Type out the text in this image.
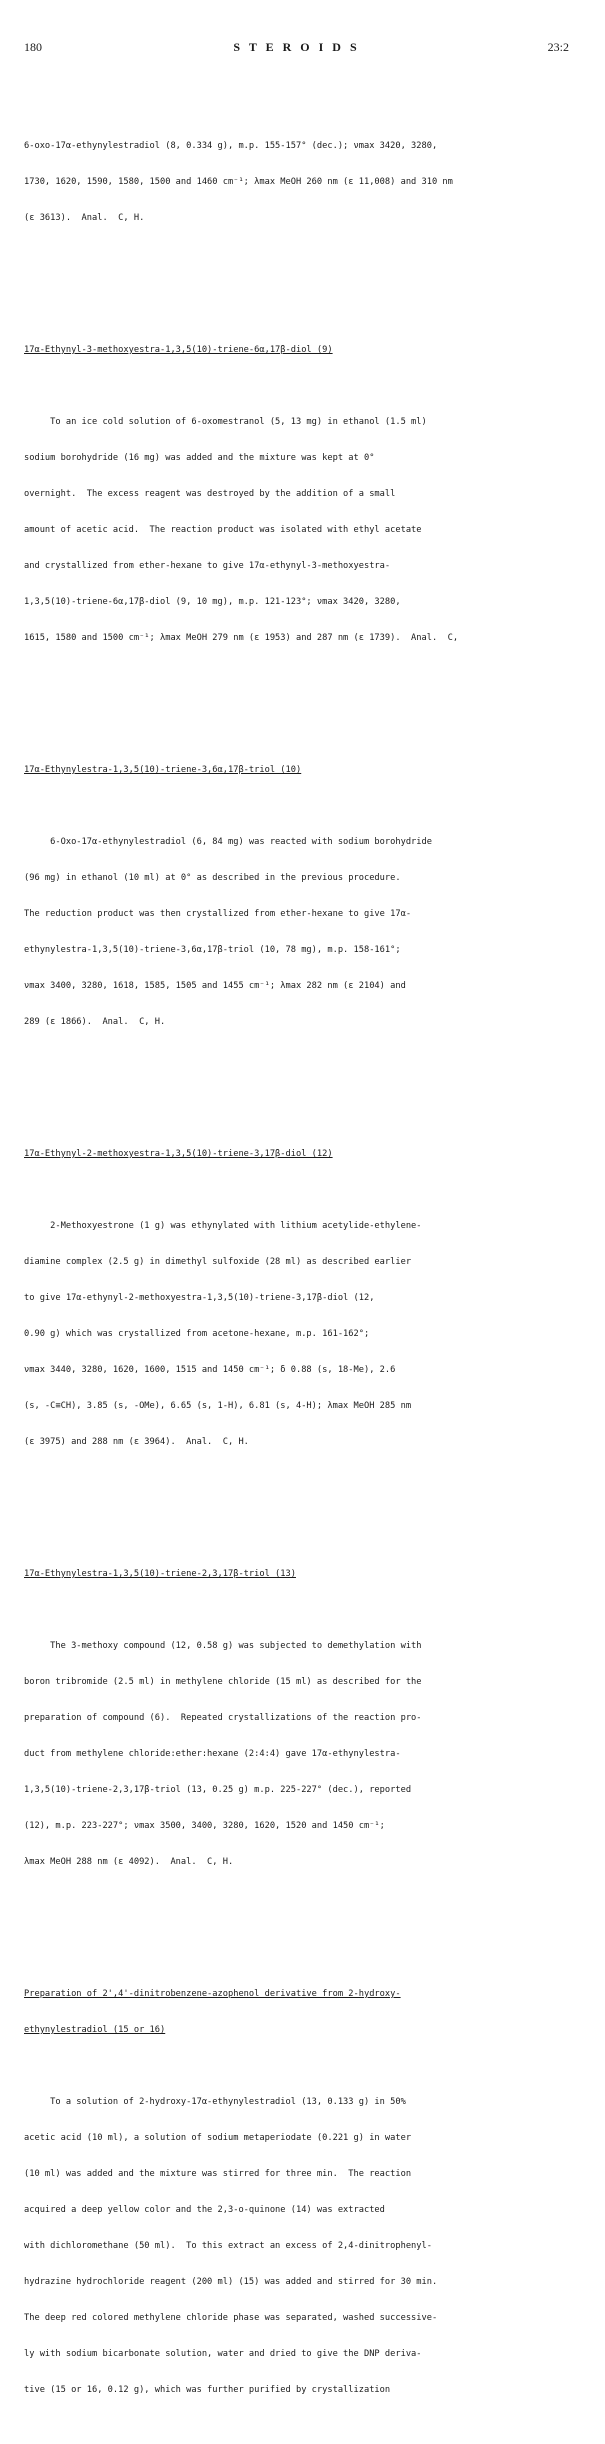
180	S T E R O I D S	23:2

6-oxo-17α-ethynylestradiol (8, 0.334 g), m.p. 155-157° (dec.); νmax 3420, 3280,

1730, 1620, 1590, 1580, 1500 and 1460 cm⁻¹; λmax MeOH 260 nm (ε 11,008) and 310 nm

(ε 3613).  Anal.  C, H.

17α-Ethynyl-3-methoxyestra-1,3,5(10)-triene-6α,17β-diol (9)

To an ice cold solution of 6-oxomestranol (5, 13 mg) in ethanol (1.5 ml)

sodium borohydride (16 mg) was added and the mixture was kept at 0°

overnight.  The excess reagent was destroyed by the addition of a small

amount of acetic acid.  The reaction product was isolated with ethyl acetate

and crystallized from ether-hexane to give 17α-ethynyl-3-methoxyestra-

1,3,5(10)-triene-6α,17β-diol (9, 10 mg), m.p. 121-123°; νmax 3420, 3280,

1615, 1580 and 1500 cm⁻¹; λmax MeOH 279 nm (ε 1953) and 287 nm (ε 1739).  Anal.  C,

17α-Ethynylestra-1,3,5(10)-triene-3,6α,17β-triol (10)

6-Oxo-17α-ethynylestradiol (6, 84 mg) was reacted with sodium borohydride

(96 mg) in ethanol (10 ml) at 0° as described in the previous procedure.

The reduction product was then crystallized from ether-hexane to give 17α-

ethynylestra-1,3,5(10)-triene-3,6α,17β-triol (10, 78 mg), m.p. 158-161°;

νmax 3400, 3280, 1618, 1585, 1505 and 1455 cm⁻¹; λmax 282 nm (ε 2104) and

289 (ε 1866).  Anal.  C, H.

17α-Ethynyl-2-methoxyestra-1,3,5(10)-triene-3,17β-diol (12)

2-Methoxyestrone (1 g) was ethynylated with lithium acetylide-ethylene-

diamine complex (2.5 g) in dimethyl sulfoxide (28 ml) as described earlier

to give 17α-ethynyl-2-methoxyestra-1,3,5(10)-triene-3,17β-diol (12,

0.90 g) which was crystallized from acetone-hexane, m.p. 161-162°;

νmax 3440, 3280, 1620, 1600, 1515 and 1450 cm⁻¹; δ 0.88 (s, 18-Me), 2.6

(s, -C≡CH), 3.85 (s, -OMe), 6.65 (s, 1-H), 6.81 (s, 4-H); λmax MeOH 285 nm

(ε 3975) and 288 nm (ε 3964).  Anal.  C, H.

17α-Ethynylestra-1,3,5(10)-triene-2,3,17β-triol (13)

The 3-methoxy compound (12, 0.58 g) was subjected to demethylation with

boron tribromide (2.5 ml) in methylene chloride (15 ml) as described for the

preparation of compound (6).  Repeated crystallizations of the reaction pro-

duct from methylene chloride:ether:hexane (2:4:4) gave 17α-ethynylestra-

1,3,5(10)-triene-2,3,17β-triol (13, 0.25 g) m.p. 225-227° (dec.), reported

(12), m.p. 223-227°; νmax 3500, 3400, 3280, 1620, 1520 and 1450 cm⁻¹;

λmax MeOH 288 nm (ε 4092).  Anal.  C, H.

Preparation of 2',4'-dinitrobenzene-azophenol derivative from 2-hydroxy-

ethynylestradiol (15 or 16)

To a solution of 2-hydroxy-17α-ethynylestradiol (13, 0.133 g) in 50%

acetic acid (10 ml), a solution of sodium metaperiodate (0.221 g) in water

(10 ml) was added and the mixture was stirred for three min.  The reaction

acquired a deep yellow color and the 2,3-o-quinone (14) was extracted

with dichloromethane (50 ml).  To this extract an excess of 2,4-dinitrophenyl-

hydrazine hydrochloride reagent (200 ml) (15) was added and stirred for 30 min.

The deep red colored methylene chloride phase was separated, washed successive-

ly with sodium bicarbonate solution, water and dried to give the DNP deriva-

tive (15 or 16, 0.12 g), which was further purified by crystallization
